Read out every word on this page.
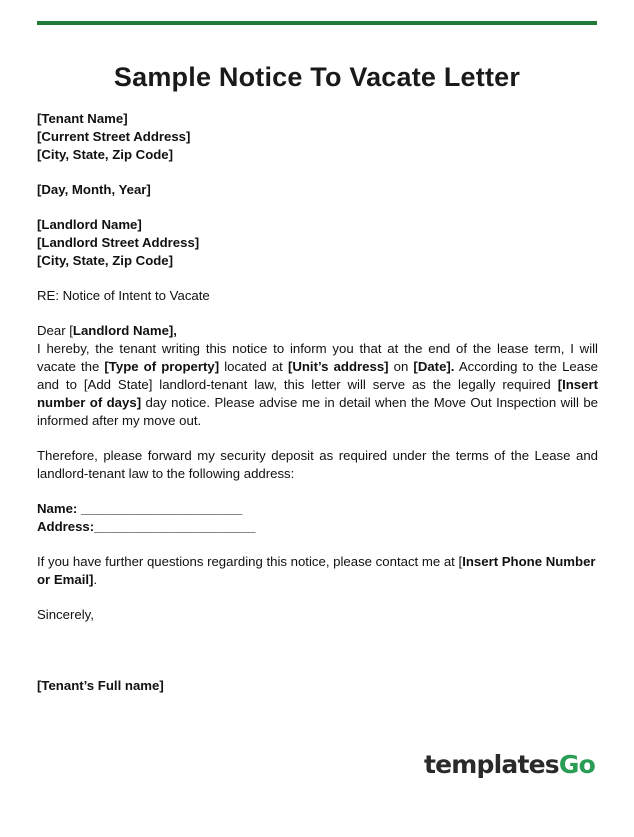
Sample Notice To Vacate Letter
[Tenant Name]
[Current Street Address]
[City, State, Zip Code]
[Day, Month, Year]
[Landlord Name]
[Landlord Street Address]
[City, State, Zip Code]
RE: Notice of Intent to Vacate
Dear [Landlord Name],
I hereby, the tenant writing this notice to inform you that at the end of the lease term, I will vacate the [Type of property] located at [Unit’s address] on [Date]. According to the Lease and to [Add State] landlord-tenant law, this letter will serve as the legally required [Insert number of days] day notice. Please advise me in detail when the Move Out Inspection will be informed after my move out.
Therefore, please forward my security deposit as required under the terms of the Lease and landlord-tenant law to the following address:
Name: ______________________
Address:______________________
If you have further questions regarding this notice, please contact me at [Insert Phone Number or Email].
Sincerely,
[Tenant’s Full name]
templatesGo
